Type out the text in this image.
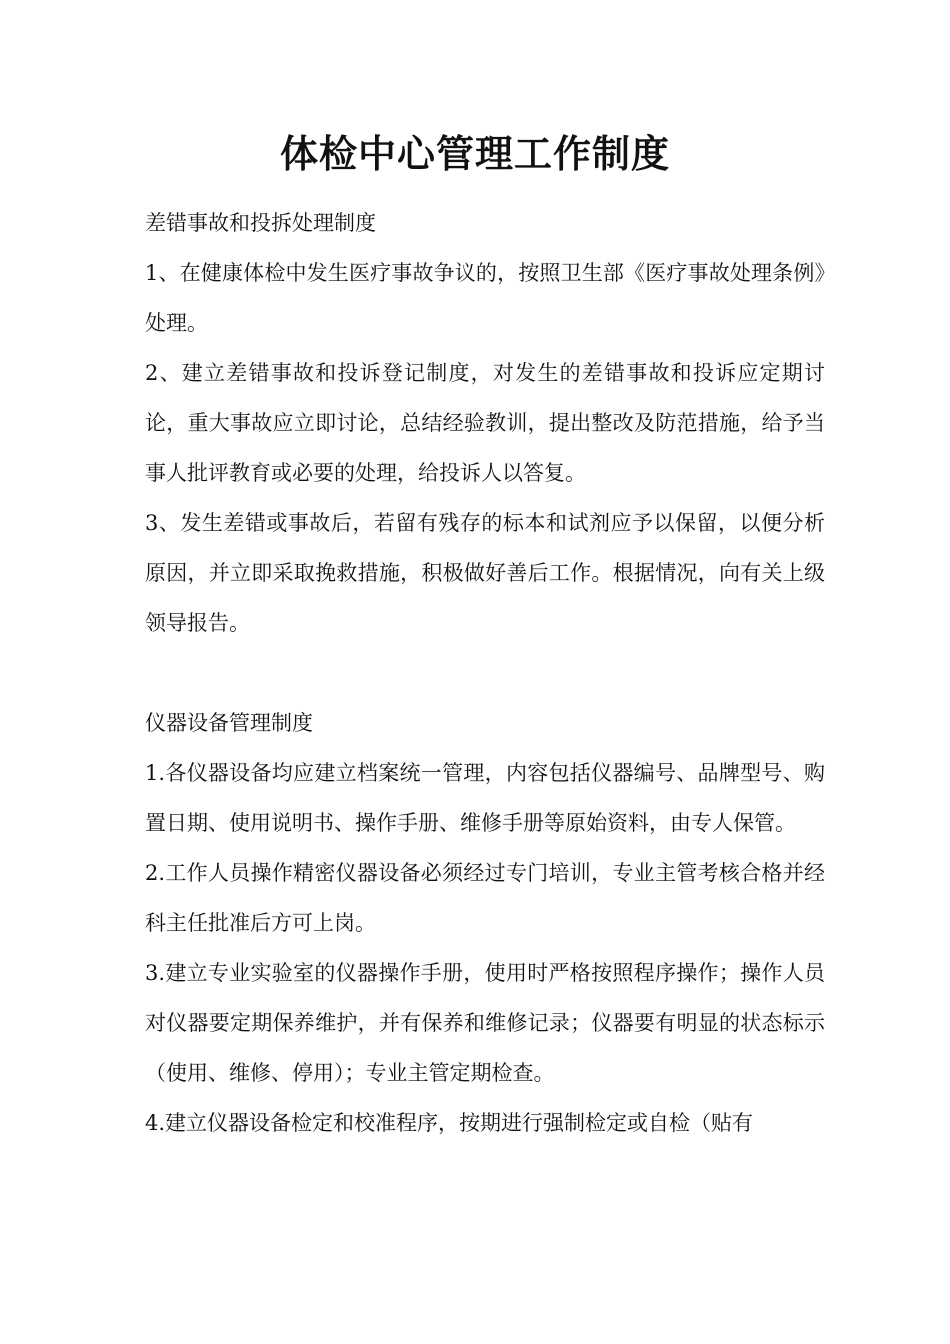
体检中心管理工作制度

差错事故和投拆处理制度

1、在健康体检中发生医疗事故争议的，按照卫生部《医疗事故处理条例》处理。

2、建立差错事故和投诉登记制度，对发生的差错事故和投诉应定期讨论，重大事故应立即讨论，总结经验教训，提出整改及防范措施，给予当事人批评教育或必要的处理，给投诉人以答复。

3、发生差错或事故后，若留有残存的标本和试剂应予以保留，以便分析原因，并立即采取挽救措施，积极做好善后工作。根据情况，向有关上级领导报告。

仪器设备管理制度

1.各仪器设备均应建立档案统一管理，内容包括仪器编号、品牌型号、购置日期、使用说明书、操作手册、维修手册等原始资料，由专人保管。

2.工作人员操作精密仪器设备必须经过专门培训，专业主管考核合格并经科主任批准后方可上岗。

3.建立专业实验室的仪器操作手册，使用时严格按照程序操作；操作人员对仪器要定期保养维护，并有保养和维修记录；仪器要有明显的状态标示（使用、维修、停用）；专业主管定期检查。

4.建立仪器设备检定和校准程序，按期进行强制检定或自检（贴有
